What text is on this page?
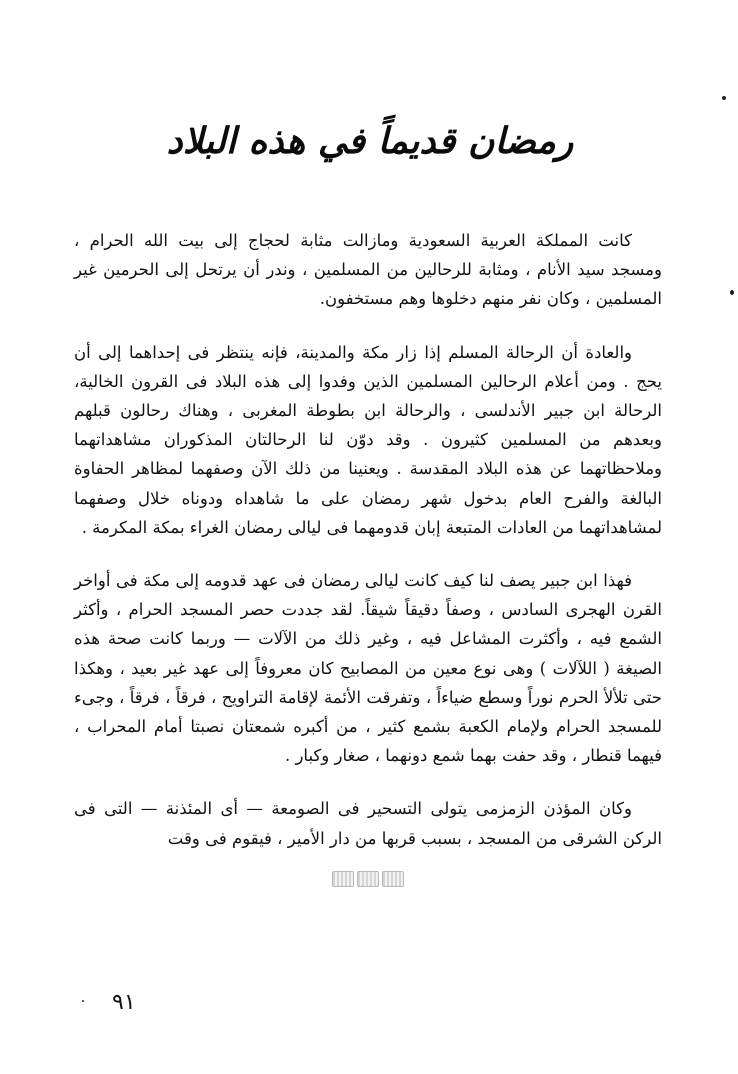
رمضان قديماً في هذه البلاد

كانت المملكة العربية السعودية ومازالت مثابة لحجاج إلى بيت الله الحرام ، ومسجد سيد الأنام ، ومثابة للرحالين من المسلمين ، وندر أن يرتحل إلى الحرمين غير المسلمين ، وكان نفر منهم دخلوها وهم مستخفون.

والعادة أن الرحالة المسلم إذا زار مكة والمدينة، فإنه ينتظر فى إحداهما إلى أن يحج . ومن أعلام الرحالين المسلمين الذين وفدوا إلى هذه البلاد فى القرون الخالية، الرحالة ابن جبير الأندلسى ، والرحالة ابن بطوطة المغربى ، وهناك رحالون قبلهم وبعدهم من المسلمين كثيرون . وقد دوّن لنا الرحالتان المذكوران مشاهداتهما وملاحظاتهما عن هذه البلاد المقدسة . ويعنينا من ذلك الآن وصفهما لمظاهر الحفاوة البالغة والفرح العام بدخول شهر رمضان على ما شاهداه ودوناه خلال وصفهما لمشاهداتهما من العادات المتبعة إبان قدومهما فى ليالى رمضان الغراء بمكة المكرمة .

فهذا ابن جبير يصف لنا كيف كانت ليالى رمضان فى عهد قدومه إلى مكة فى أواخر القرن الهجرى السادس ، وصفاً دقيقاً شيقاً. لقد جددت حصر المسجد الحرام ، وأكثر الشمع فيه ، وأكثرت المشاعل فيه ، وغير ذلك من الآلات — وربما كانت صحة هذه الصيغة ( اللآلات ) وهى نوع معين من المصابيح كان معروفاً إلى عهد غير بعيد ، وهكذا حتى تلألأ الحرم نوراً وسطع ضياءاً ، وتفرقت الأئمة لإقامة التراويح ، فرقاً ، فرقاً ، وجىء للمسجد الحرام ولإمام الكعبة بشمع كثير ، من أكبره شمعتان نصبتا أمام المحراب ، فيهما قنطار ، وقد حفت بهما شمع دونهما ، صغار وكبار .

وكان المؤذن الزمزمى يتولى التسحير فى الصومعة — أى المئذنة — التى فى الركن الشرقى من المسجد ، بسبب قربها من دار الأمير ، فيقوم فى وقت

٩١
